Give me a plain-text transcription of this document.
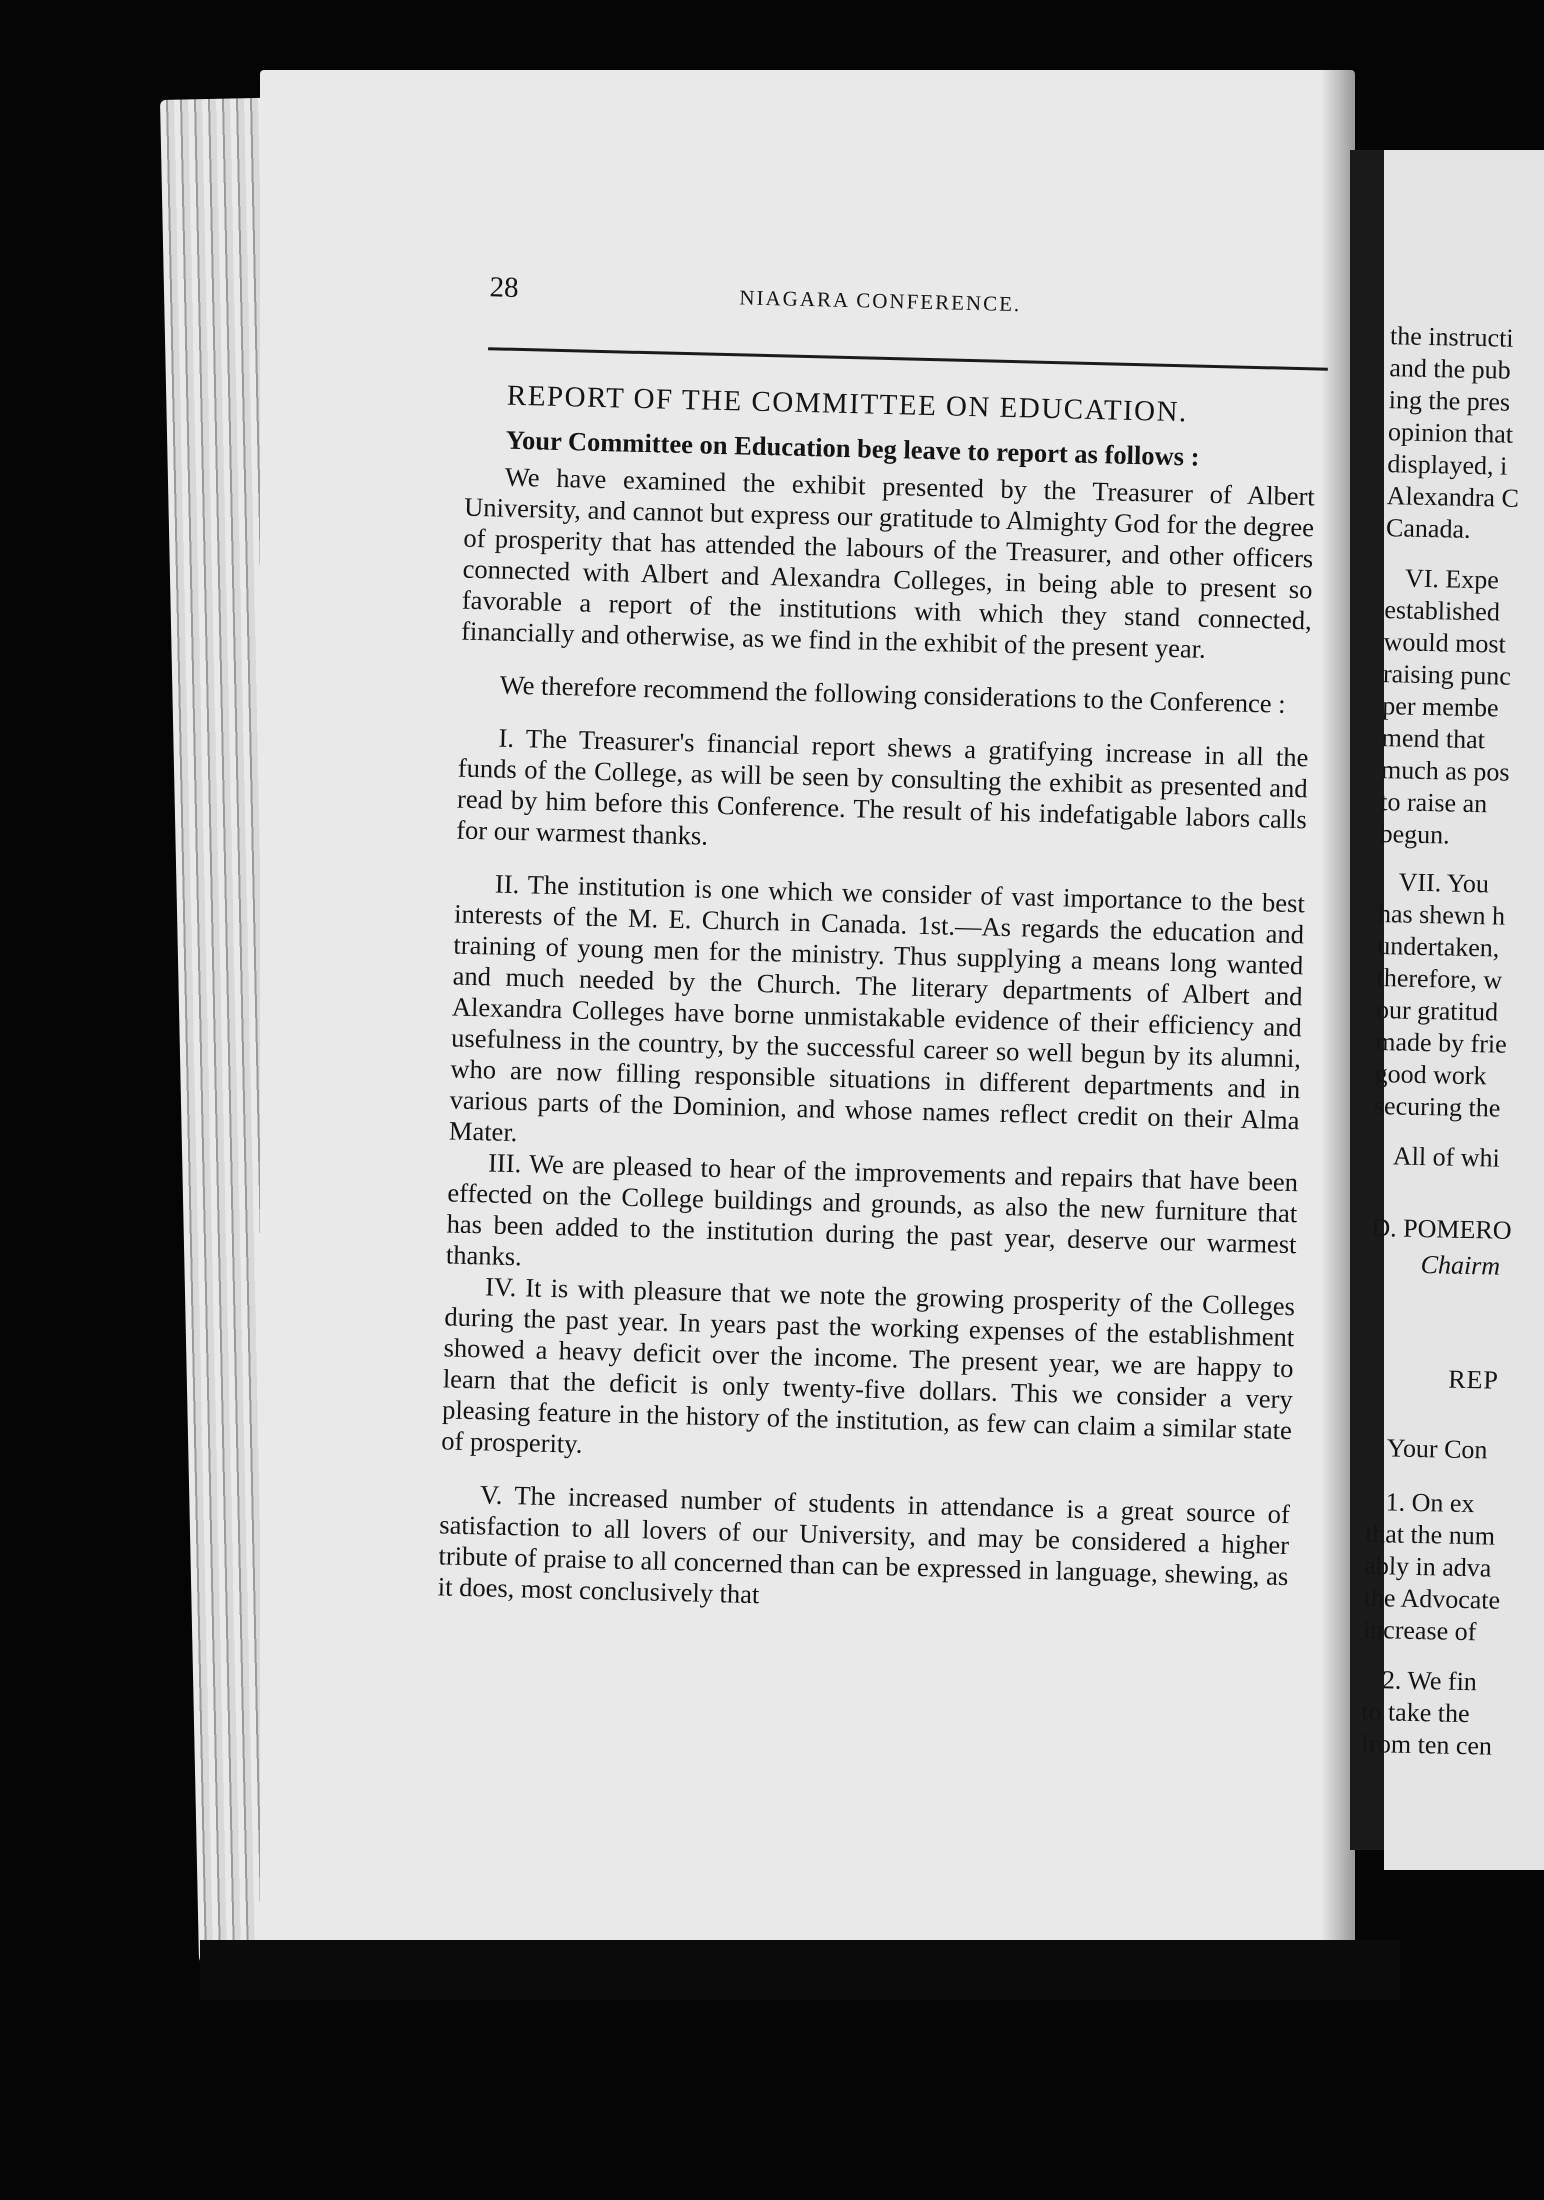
the instructi
and the pub
ing the pres
opinion that
displayed, i
Alexandra C
Canada.
VI. Expe
established
would most
raising punc
per membe
mend that
much as pos
to raise an
begun.
VII. You
has shewn h
undertaken,
therefore, w
our gratitud
made by frie
good work
securing the
All of whi
D. POMERO
Chairm
REP
Your Con
1. On ex
that the num
ably in adva
the Advocate
increase of
2. We fin
to take the
from ten cen
28	NIAGARA CONFERENCE.
REPORT OF THE COMMITTEE ON EDUCATION.

Your Committee on Education beg leave to report as follows :

We have examined the exhibit presented by the Treasurer of Albert University, and cannot but express our gratitude to Almighty God for the degree of prosperity that has attended the labours of the Treasurer, and other officers connected with Albert and Alexandra Colleges, in being able to present so favorable a report of the institutions with which they stand connected, financially and otherwise, as we find in the exhibit of the present year.

We therefore recommend the following considerations to the Conference :

I. The Treasurer's financial report shews a gratifying increase in all the funds of the College, as will be seen by consulting the exhibit as presented and read by him before this Conference. The result of his indefatigable labors calls for our warmest thanks.

II. The institution is one which we consider of vast importance to the best interests of the M. E. Church in Canada. 1st.—As regards the education and training of young men for the ministry. Thus supplying a means long wanted and much needed by the Church. The literary departments of Albert and Alexandra Colleges have borne unmistakable evidence of their efficiency and usefulness in the country, by the successful career so well begun by its alumni, who are now filling responsible situations in different departments and in various parts of the Dominion, and whose names reflect credit on their Alma Mater.

III. We are pleased to hear of the improvements and repairs that have been effected on the College buildings and grounds, as also the new furniture that has been added to the institution during the past year, deserve our warmest thanks.

IV. It is with pleasure that we note the growing prosperity of the Colleges during the past year. In years past the working expenses of the establishment showed a heavy deficit over the income. The present year, we are happy to learn that the deficit is only twenty-five dollars. This we consider a very pleasing feature in the history of the institution, as few can claim a similar state of prosperity.

V. The increased number of students in attendance is a great source of satisfaction to all lovers of our University, and may be considered a higher tribute of praise to all concerned than can be expressed in language, shewing, as it does, most conclusively that
